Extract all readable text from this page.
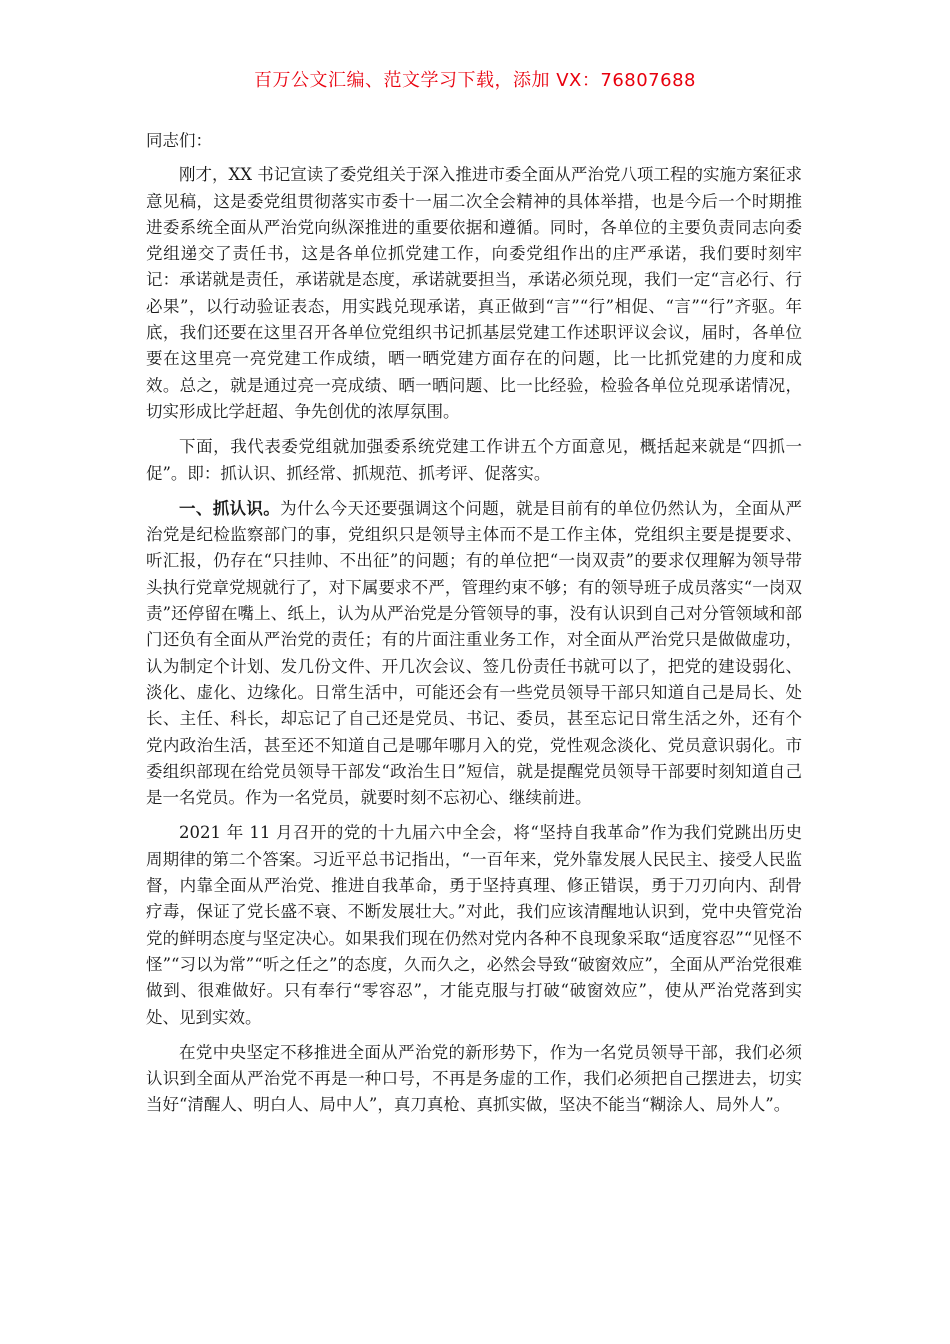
百万公文汇编、范文学习下载，添加 VX：76807688

同志们：

刚才，XX 书记宣读了委党组关于深入推进市委全面从严治党八项工程的实施方案征求意见稿，这是委党组贯彻落实市委十一届二次全会精神的具体举措，也是今后一个时期推进委系统全面从严治党向纵深推进的重要依据和遵循。同时，各单位的主要负责同志向委党组递交了责任书，这是各单位抓党建工作，向委党组作出的庄严承诺，我们要时刻牢记：承诺就是责任，承诺就是态度，承诺就要担当，承诺必须兑现，我们一定“言必行、行必果”，以行动验证表态，用实践兑现承诺，真正做到“言”“行”相促、“言”“行”齐驱。年底，我们还要在这里召开各单位党组织书记抓基层党建工作述职评议会议，届时，各单位要在这里亮一亮党建工作成绩，晒一晒党建方面存在的问题，比一比抓党建的力度和成效。总之，就是通过亮一亮成绩、晒一晒问题、比一比经验，检验各单位兑现承诺情况，切实形成比学赶超、争先创优的浓厚氛围。

下面，我代表委党组就加强委系统党建工作讲五个方面意见，概括起来就是“四抓一促”。即：抓认识、抓经常、抓规范、抓考评、促落实。

一、抓认识。为什么今天还要强调这个问题，就是目前有的单位仍然认为，全面从严治党是纪检监察部门的事，党组织只是领导主体而不是工作主体，党组织主要是提要求、听汇报，仍存在“只挂帅、不出征”的问题；有的单位把“一岗双责”的要求仅理解为领导带头执行党章党规就行了，对下属要求不严，管理约束不够；有的领导班子成员落实“一岗双责”还停留在嘴上、纸上，认为从严治党是分管领导的事，没有认识到自己对分管领域和部门还负有全面从严治党的责任；有的片面注重业务工作，对全面从严治党只是做做虚功，认为制定个计划、发几份文件、开几次会议、签几份责任书就可以了，把党的建设弱化、淡化、虚化、边缘化。日常生活中，可能还会有一些党员领导干部只知道自己是局长、处长、主任、科长，却忘记了自己还是党员、书记、委员，甚至忘记日常生活之外，还有个党内政治生活，甚至还不知道自己是哪年哪月入的党，党性观念淡化、党员意识弱化。市委组织部现在给党员领导干部发“政治生日”短信，就是提醒党员领导干部要时刻知道自己是一名党员。作为一名党员，就要时刻不忘初心、继续前进。

2021 年 11 月召开的党的十九届六中全会，将“坚持自我革命”作为我们党跳出历史周期律的第二个答案。习近平总书记指出，“一百年来，党外靠发展人民民主、接受人民监督，内靠全面从严治党、推进自我革命，勇于坚持真理、修正错误，勇于刀刃向内、刮骨疗毒，保证了党长盛不衰、不断发展壮大。”对此，我们应该清醒地认识到，党中央管党治党的鲜明态度与坚定决心。如果我们现在仍然对党内各种不良现象采取“适度容忍”“见怪不怪”“习以为常”“听之任之”的态度，久而久之，必然会导致“破窗效应”，全面从严治党很难做到、很难做好。只有奉行“零容忍”，才能克服与打破“破窗效应”，使从严治党落到实处、见到实效。

在党中央坚定不移推进全面从严治党的新形势下，作为一名党员领导干部，我们必须认识到全面从严治党不再是一种口号，不再是务虚的工作，我们必须把自己摆进去，切实当好“清醒人、明白人、局中人”，真刀真枪、真抓实做，坚决不能当“糊涂人、局外人”。
